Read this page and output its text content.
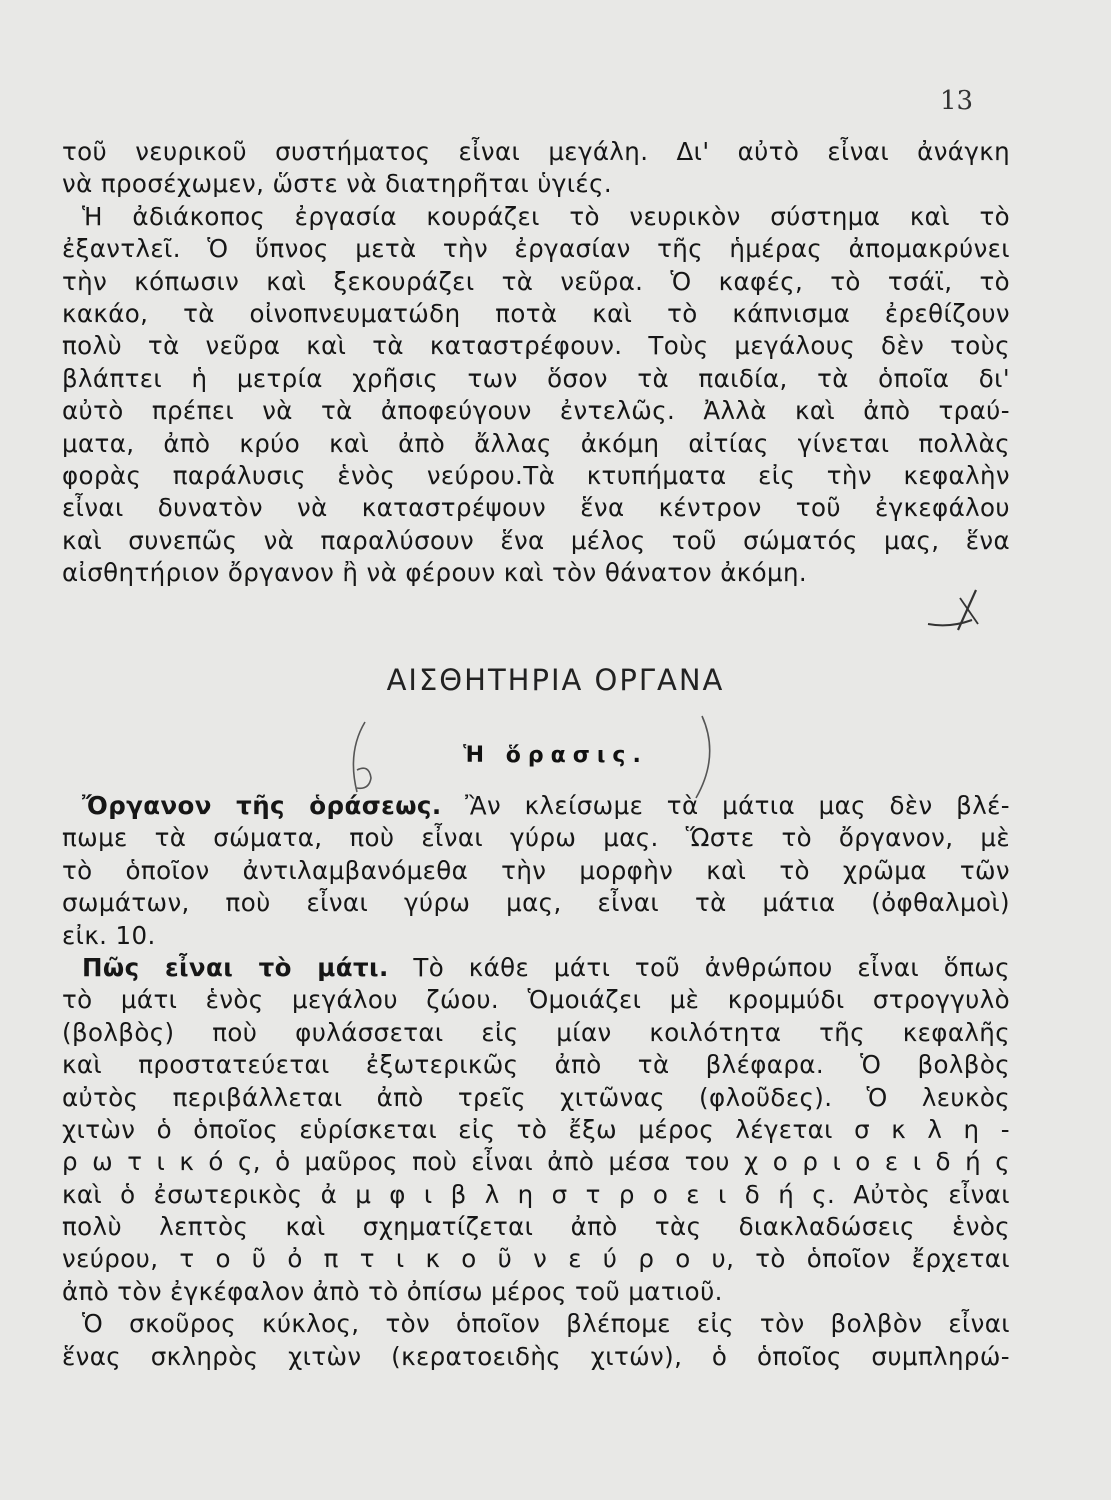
13
τοῦ νευρικοῦ συστήματος εἶναι μεγάλη. Δι' αὐτὸ εἶναι ἀνάγκη
νὰ προσέχωμεν, ὥστε νὰ διατηρῆται ὑγιές.
Ἡ ἀδιάκοπος ἐργασία κουράζει τὸ νευρικὸν σύστημα καὶ τὸ
ἐξαντλεῖ. Ὁ ὕπνος μετὰ τὴν ἐργασίαν τῆς ἡμέρας ἀπομακρύνει
τὴν κόπωσιν καὶ ξεκουράζει τὰ νεῦρα. Ὁ καφές, τὸ τσάϊ, τὸ
κακάο, τὰ οἰνοπνευματώδη ποτὰ καὶ τὸ κάπνισμα ἐρεθίζουν
πολὺ τὰ νεῦρα καὶ τὰ καταστρέφουν. Τοὺς μεγάλους δὲν τοὺς
βλάπτει ἡ μετρία χρῆσις των ὅσον τὰ παιδία, τὰ ὁποῖα δι'
αὐτὸ πρέπει νὰ τὰ ἀποφεύγουν ἐντελῶς. Ἀλλὰ καὶ ἀπὸ τραύ-
ματα, ἀπὸ κρύο καὶ ἀπὸ ἄλλας ἀκόμη αἰτίας γίνεται πολλὰς
φορὰς παράλυσις ἑνὸς νεύρου.Τὰ κτυπήματα εἰς τὴν κεφαλὴν
εἶναι δυνατὸν νὰ καταστρέψουν ἕνα κέντρον τοῦ ἐγκεφάλου
καὶ συνεπῶς νὰ παραλύσουν ἕνα μέλος τοῦ σώματός μας, ἕνα
αἰσθητήριον ὄργανον ἢ νὰ φέρουν καὶ τὸν θάνατον ἀκόμη.
ΑΙΣΘΗΤΗΡΙΑ ΟΡΓΑΝΑ
Ἡ ὅρασις.
Ὄργανον τῆς ὁράσεως. Ἂν κλείσωμε τὰ μάτια μας δὲν βλέ-
πωμε τὰ σώματα, ποὺ εἶναι γύρω μας. Ὥστε τὸ ὄργανον, μὲ
τὸ ὁποῖον ἀντιλαμβανόμεθα τὴν μορφὴν καὶ τὸ χρῶμα τῶν
σωμάτων, ποὺ εἶναι γύρω μας, εἶναι τὰ μάτια (ὀφθαλμοὶ)
εἰκ. 10.
Πῶς εἶναι τὸ μάτι. Τὸ κάθε μάτι τοῦ ἀνθρώπου εἶναι ὅπως
τὸ μάτι ἑνὸς μεγάλου ζώου. Ὁμοιάζει μὲ κρομμύδι στρογγυλὸ
(βολβὸς) ποὺ φυλάσσεται εἰς μίαν κοιλότητα τῆς κεφαλῆς
καὶ προστατεύεται ἐξωτερικῶς ἀπὸ τὰ βλέφαρα. Ὁ βολβὸς
αὐτὸς περιβάλλεται ἀπὸ τρεῖς χιτῶνας (φλοῦδες). Ὁ λευκὸς
χιτὼν ὁ ὁποῖος εὑρίσκεται εἰς τὸ ἔξω μέρος λέγεται σ κ λ η -
ρ ω τ ι κ ό ς, ὁ μαῦρος ποὺ εἶναι ἀπὸ μέσα του χ ο ρ ι ο ε ι δ ή ς
καὶ ὁ ἐσωτερικὸς ἀ μ φ ι β λ η σ τ ρ ο ε ι δ ή ς. Αὐτὸς εἶναι
πολὺ λεπτὸς καὶ σχηματίζεται ἀπὸ τὰς διακλαδώσεις ἑνὸς
νεύρου, τ ο ῦ ὀ π τ ι κ ο ῦ ν ε ύ ρ ο υ, τὸ ὁποῖον ἔρχεται
ἀπὸ τὸν ἐγκέφαλον ἀπὸ τὸ ὀπίσω μέρος τοῦ ματιοῦ.
Ὁ σκοῦρος κύκλος, τὸν ὁποῖον βλέπομε εἰς τὸν βολβὸν εἶναι
ἕνας σκληρὸς χιτὼν (κερατοειδὴς χιτών), ὁ ὁποῖος συμπληρώ-
